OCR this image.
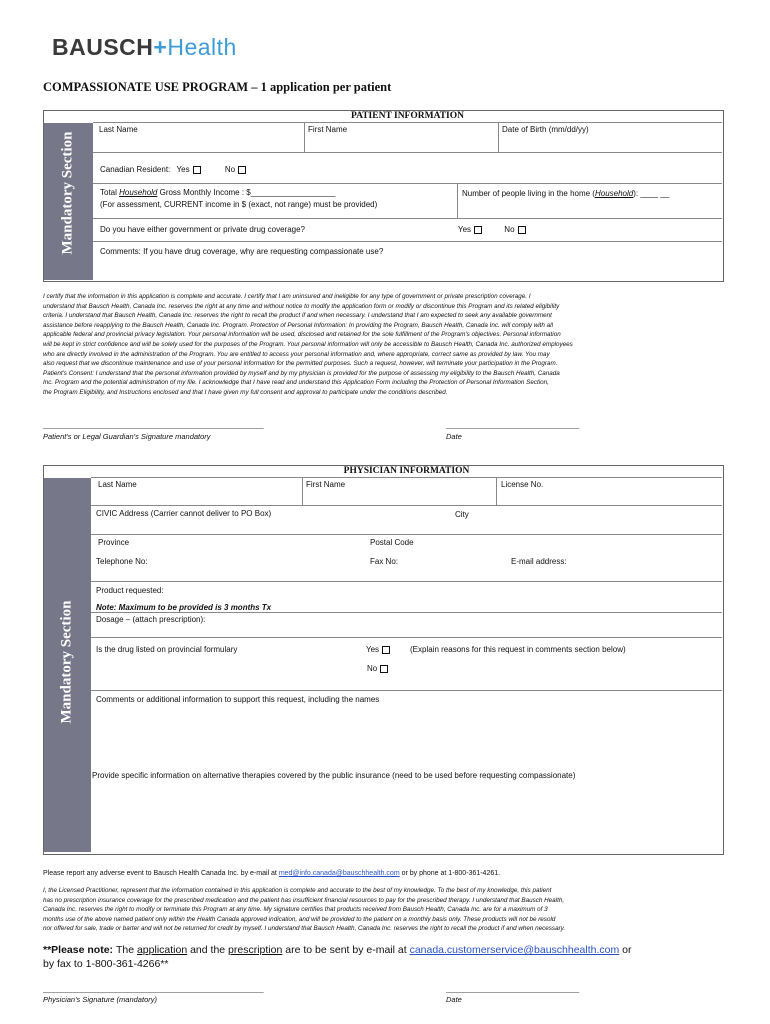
BAUSCH+Health
COMPASSIONATE USE PROGRAM – 1 application per patient
Mandatory Section
PATIENT INFORMATION
Last Name	First Name	Date of Birth (mm/dd/yy)
Canadian Resident: Yes	No
Total Household Gross Monthly Income : $___________________
(For assessment, CURRENT income in $ (exact, not range) must be provided)
Number of people living in the home (Household): ____ __
Do you have either government or private drug coverage?	Yes	No
Comments: If you have drug coverage, why are requesting compassionate use?
I certify that the information in this application is complete and accurate. I certify that I am uninsured and ineligible for any type of government or private prescription coverage. I
understand that Bausch Health, Canada Inc. reserves the right at any time and without notice to modify the application form or modify or discontinue this Program and its related eligibility
criteria. I understand that Bausch Health, Canada Inc. reserves the right to recall the product if and when necessary. I understand that I am expected to seek any available government
assistance before reapplying to the Bausch Health, Canada Inc. Program. Protection of Personal Information: In providing the Program, Bausch Health, Canada Inc. will comply with all
applicable federal and provincial privacy legislation. Your personal information will be used, disclosed and retained for the sole fulfillment of the Program's objectives. Personal information
will be kept in strict confidence and will be solely used for the purposes of the Program. Your personal information will only be accessible to Bausch Health, Canada Inc. authorized employees
who are directly involved in the administration of the Program. You are entitled to access your personal information and, where appropriate, correct same as provided by law. You may
also request that we discontinue maintenance and use of your personal information for the permitted purposes. Such a request, however, will terminate your participation in the Program.
Patient's Consent: I understand that the personal information provided by myself and by my physician is provided for the purpose of assessing my eligibility to the Bausch Health, Canada
Inc. Program and the potential administration of my file. I acknowledge that I have read and understand this Application Form including the Protection of Personal Information Section,
the Program Eligibility, and Instructions enclosed and that I have given my full consent and approval to participate under the conditions described.
_______________________________________________________________	______________________________________
Patient's or Legal Guardian's Signature mandatory	Date
Mandatory Section
PHYSICIAN INFORMATION
Last Name	First Name	License No.
CIVIC Address (Carrier cannot deliver to PO Box)	City
Province	Postal Code
Telephone No:	Fax No:	E-mail address:
Product requested:
Note: Maximum to be provided is 3 months Tx
Dosage – (attach prescription):
Is the drug listed on provincial formulary	Yes	(Explain reasons for this request in comments section below)
No
Comments or additional information to support this request, including the names
Provide specific information on alternative therapies covered by the public insurance (need to be used before requesting compassionate)
Please report any adverse event to Bausch Health Canada Inc. by e-mail at med@info.canada@bauschhealth.com or by phone at 1-800-361-4261.
I, the Licensed Practitioner, represent that the information contained in this application is complete and accurate to the best of my knowledge. To the best of my knowledge, this patient
has no prescription insurance coverage for the prescribed medication and the patient has insufficient financial resources to pay for the prescribed therapy. I understand that Bausch Health,
Canada Inc. reserves the right to modify or terminate this Program at any time. My signature certifies that products received from Bausch Health, Canada Inc. are for a maximum of 3
months use of the above named patient only within the Health Canada approved indication, and will be provided to the patient on a monthly basis only. These products will not be resold
nor offered for sale, trade or barter and will not be returned for credit by myself. I understand that Bausch Health, Canada Inc. reserves the right to recall the product if and when necessary.
**Please note: The application and the prescription are to be sent by e-mail at canada.customerservice@bauschhealth.com or
by fax to 1-800-361-4266**
_______________________________________________________________	______________________________________
Physician's Signature (mandatory)	Date
